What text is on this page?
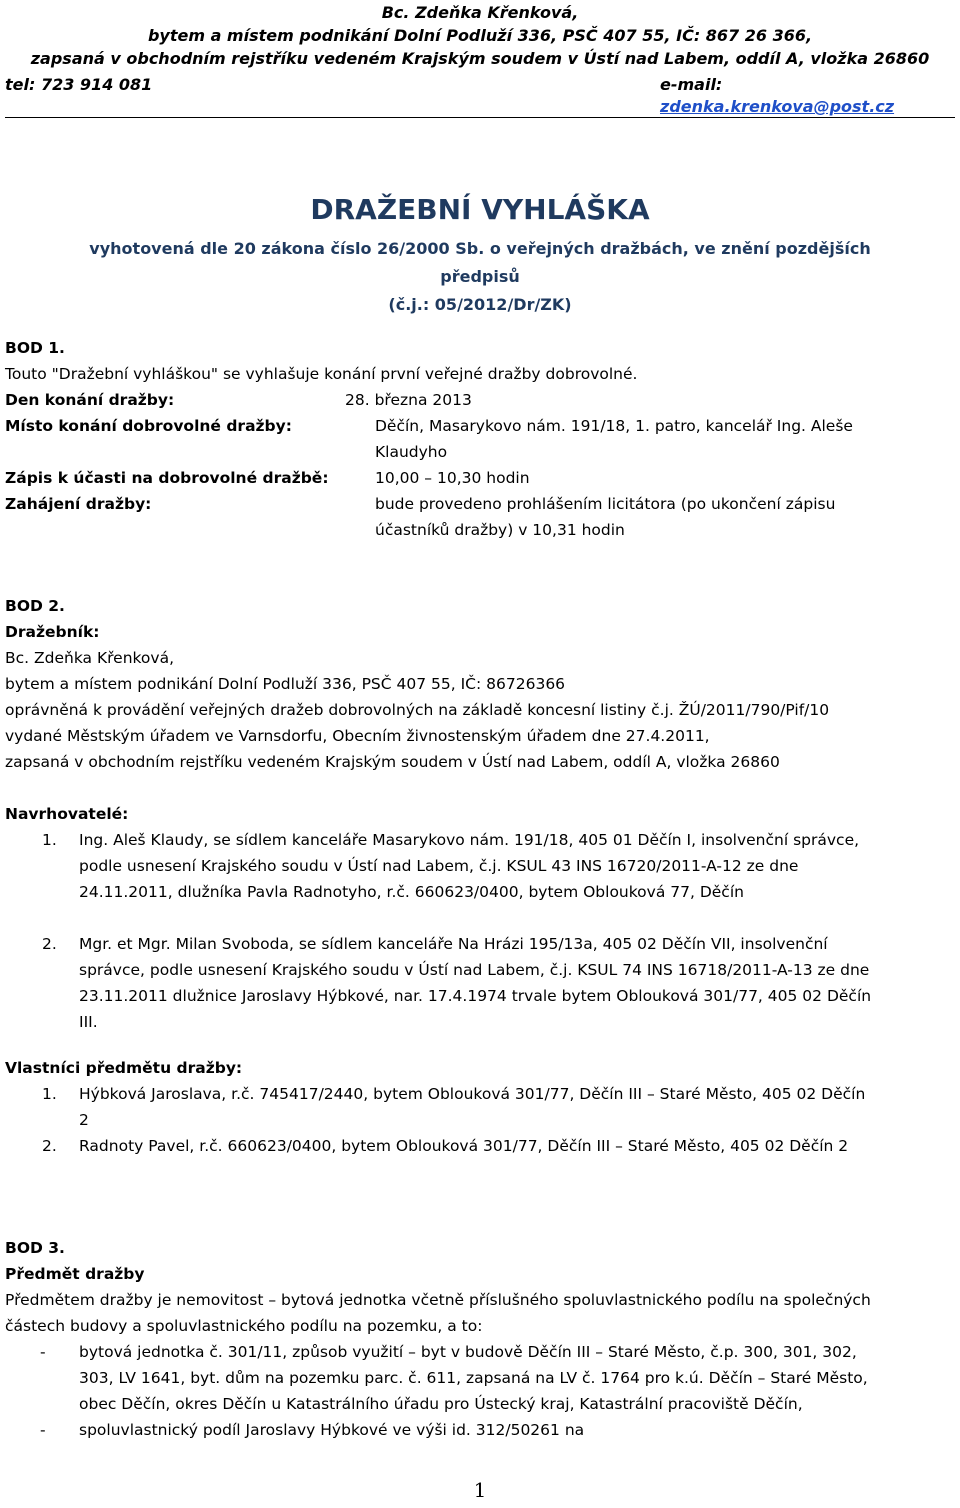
Bc. Zdeňka Křenková,
bytem a místem podnikání Dolní Podluží 336, PSČ 407 55, IČ: 867 26 366,
zapsaná v obchodním rejstříku vedeném Krajským soudem v Ústí nad Labem, oddíl A, vložka 26860
tel: 723 914 081	e-mail: zdenka.krenkova@post.cz
DRAŽEBNÍ VYHLÁŠKA
vyhotovená dle 20 zákona číslo 26/2000 Sb. o veřejných dražbách, ve znění pozdějších předpisů
(č.j.: 05/2012/Dr/ZK)
BOD 1.
Touto "Dražební vyhláškou" se vyhlašuje konání první veřejné dražby dobrovolné.
Den konání dražby:	28. března 2013
Místo konání dobrovolné dražby:	Děčín, Masarykovo nám. 191/18, 1. patro, kancelář Ing. Aleše
Klaudyho
Zápis k účasti na dobrovolné dražbě:	10,00 – 10,30 hodin
Zahájení dražby:	bude provedeno prohlášením licitátora (po ukončení zápisu
účastníků dražby) v 10,31 hodin
BOD 2.
Dražebník:
Bc. Zdeňka Křenková,
bytem a místem podnikání Dolní Podluží 336, PSČ 407 55, IČ: 86726366
oprávněná k provádění veřejných dražeb dobrovolných na základě koncesní listiny č.j. ŽÚ/2011/790/Pif/10
vydané Městským úřadem ve Varnsdorfu, Obecním živnostenským úřadem dne 27.4.2011,
zapsaná v obchodním rejstříku vedeném Krajským soudem v Ústí nad Labem, oddíl A, vložka 26860
Navrhovatelé:
1. Ing. Aleš Klaudy, se sídlem kanceláře Masarykovo nám. 191/18, 405 01 Děčín I, insolvenční správce,
podle usnesení Krajského soudu v Ústí nad Labem, č.j. KSUL 43 INS 16720/2011-A-12 ze dne
24.11.2011, dlužníka Pavla Radnotyho, r.č. 660623/0400, bytem Oblouková 77, Děčín
2. Mgr. et Mgr. Milan Svoboda, se sídlem kanceláře Na Hrázi 195/13a, 405 02 Děčín VII, insolvenční
správce, podle usnesení Krajského soudu v Ústí nad Labem, č.j. KSUL 74 INS 16718/2011-A-13 ze dne
23.11.2011 dlužnice Jaroslavy Hýbkové, nar. 17.4.1974 trvale bytem Oblouková 301/77, 405 02 Děčín
III.
Vlastníci předmětu dražby:
1. Hýbková Jaroslava, r.č. 745417/2440, bytem Oblouková 301/77, Děčín III – Staré Město, 405 02 Děčín
2
2. Radnoty Pavel, r.č. 660623/0400, bytem Oblouková 301/77, Děčín III – Staré Město, 405 02 Děčín 2
BOD 3.
Předmět dražby
Předmětem dražby je nemovitost – bytová jednotka včetně příslušného spoluvlastnického podílu na společných
částech budovy a spoluvlastnického podílu na pozemku, a to:
- bytová jednotka č. 301/11, způsob využití – byt v budově Děčín III – Staré Město, č.p. 300, 301, 302,
303, LV 1641, byt. dům na pozemku parc. č. 611, zapsaná na LV č. 1764 pro k.ú. Děčín – Staré Město,
obec Děčín, okres Děčín u Katastrálního úřadu pro Ústecký kraj, Katastrální pracoviště Děčín,
- spoluvlastnický podíl Jaroslavy Hýbkové ve výši id. 312/50261 na
1
